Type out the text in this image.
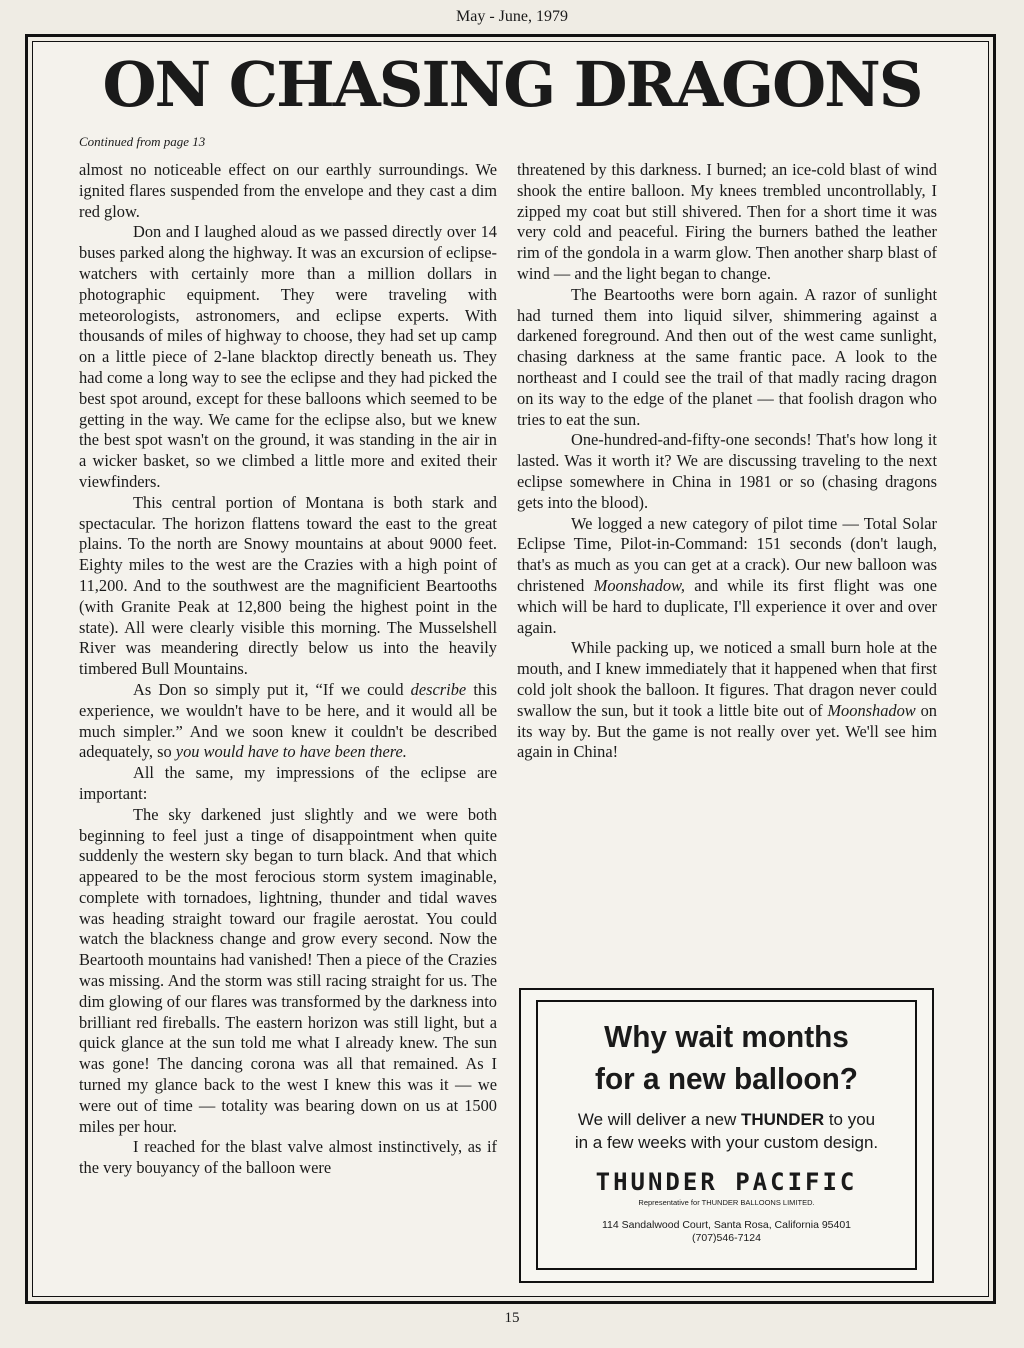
May - June, 1979
ON CHASING DRAGONS
Continued from page 13

almost no noticeable effect on our earthly surroundings. We ignited flares suspended from the envelope and they cast a dim red glow.

Don and I laughed aloud as we passed directly over 14 buses parked along the highway. It was an excursion of eclipse-watchers with certainly more than a million dollars in photographic equipment. They were traveling with meteorologists, astronomers, and eclipse experts. With thousands of miles of highway to choose, they had set up camp on a little piece of 2-lane blacktop directly beneath us. They had come a long way to see the eclipse and they had picked the best spot around, except for these balloons which seemed to be getting in the way. We came for the eclipse also, but we knew the best spot wasn't on the ground, it was standing in the air in a wicker basket, so we climbed a little more and exited their viewfinders.

This central portion of Montana is both stark and spectacular. The horizon flattens toward the east to the great plains. To the north are Snowy mountains at about 9000 feet. Eighty miles to the west are the Crazies with a high point of 11,200. And to the southwest are the magnificient Beartooths (with Granite Peak at 12,800 being the highest point in the state). All were clearly visible this morning. The Musselshell River was meandering directly below us into the heavily timbered Bull Mountains.

As Don so simply put it, “If we could describe this experience, we wouldn't have to be here, and it would all be much simpler.” And we soon knew it couldn't be described adequately, so you would have to have been there.

All the same, my impressions of the eclipse are important:

The sky darkened just slightly and we were both beginning to feel just a tinge of disappointment when quite suddenly the western sky began to turn black. And that which appeared to be the most ferocious storm system imaginable, complete with tornadoes, lightning, thunder and tidal waves was heading straight toward our fragile aerostat. You could watch the blackness change and grow every second. Now the Beartooth mountains had vanished! Then a piece of the Crazies was missing. And the storm was still racing straight for us. The dim glowing of our flares was transformed by the darkness into brilliant red fireballs. The eastern horizon was still light, but a quick glance at the sun told me what I already knew. The sun was gone! The dancing corona was all that remained. As I turned my glance back to the west I knew this was it — we were out of time — totality was bearing down on us at 1500 miles per hour.

I reached for the blast valve almost instinctively, as if the very bouyancy of the balloon were

threatened by this darkness. I burned; an ice-cold blast of wind shook the entire balloon. My knees trembled uncontrollably, I zipped my coat but still shivered. Then for a short time it was very cold and peaceful. Firing the burners bathed the leather rim of the gondola in a warm glow. Then another sharp blast of wind — and the light began to change.

The Beartooths were born again. A razor of sunlight had turned them into liquid silver, shimmering against a darkened foreground. And then out of the west came sunlight, chasing darkness at the same frantic pace. A look to the northeast and I could see the trail of that madly racing dragon on its way to the edge of the planet — that foolish dragon who tries to eat the sun.

One-hundred-and-fifty-one seconds! That's how long it lasted. Was it worth it? We are discussing traveling to the next eclipse somewhere in China in 1981 or so (chasing dragons gets into the blood).

We logged a new category of pilot time — Total Solar Eclipse Time, Pilot-in-Command: 151 seconds (don't laugh, that's as much as you can get at a crack). Our new balloon was christened Moonshadow, and while its first flight was one which will be hard to duplicate, I'll experience it over and over again.

While packing up, we noticed a small burn hole at the mouth, and I knew immediately that it happened when that first cold jolt shook the balloon. It figures. That dragon never could swallow the sun, but it took a little bite out of Moonshadow on its way by. But the game is not really over yet. We'll see him again in China!

Why wait months
for a new balloon?
We will deliver a new THUNDER to you
in a few weeks with your custom design.
THUNDER PACIFIC
Representative for THUNDER BALLOONS LIMITED.
114 Sandalwood Court, Santa Rosa, California 95401
(707)546-7124
15
